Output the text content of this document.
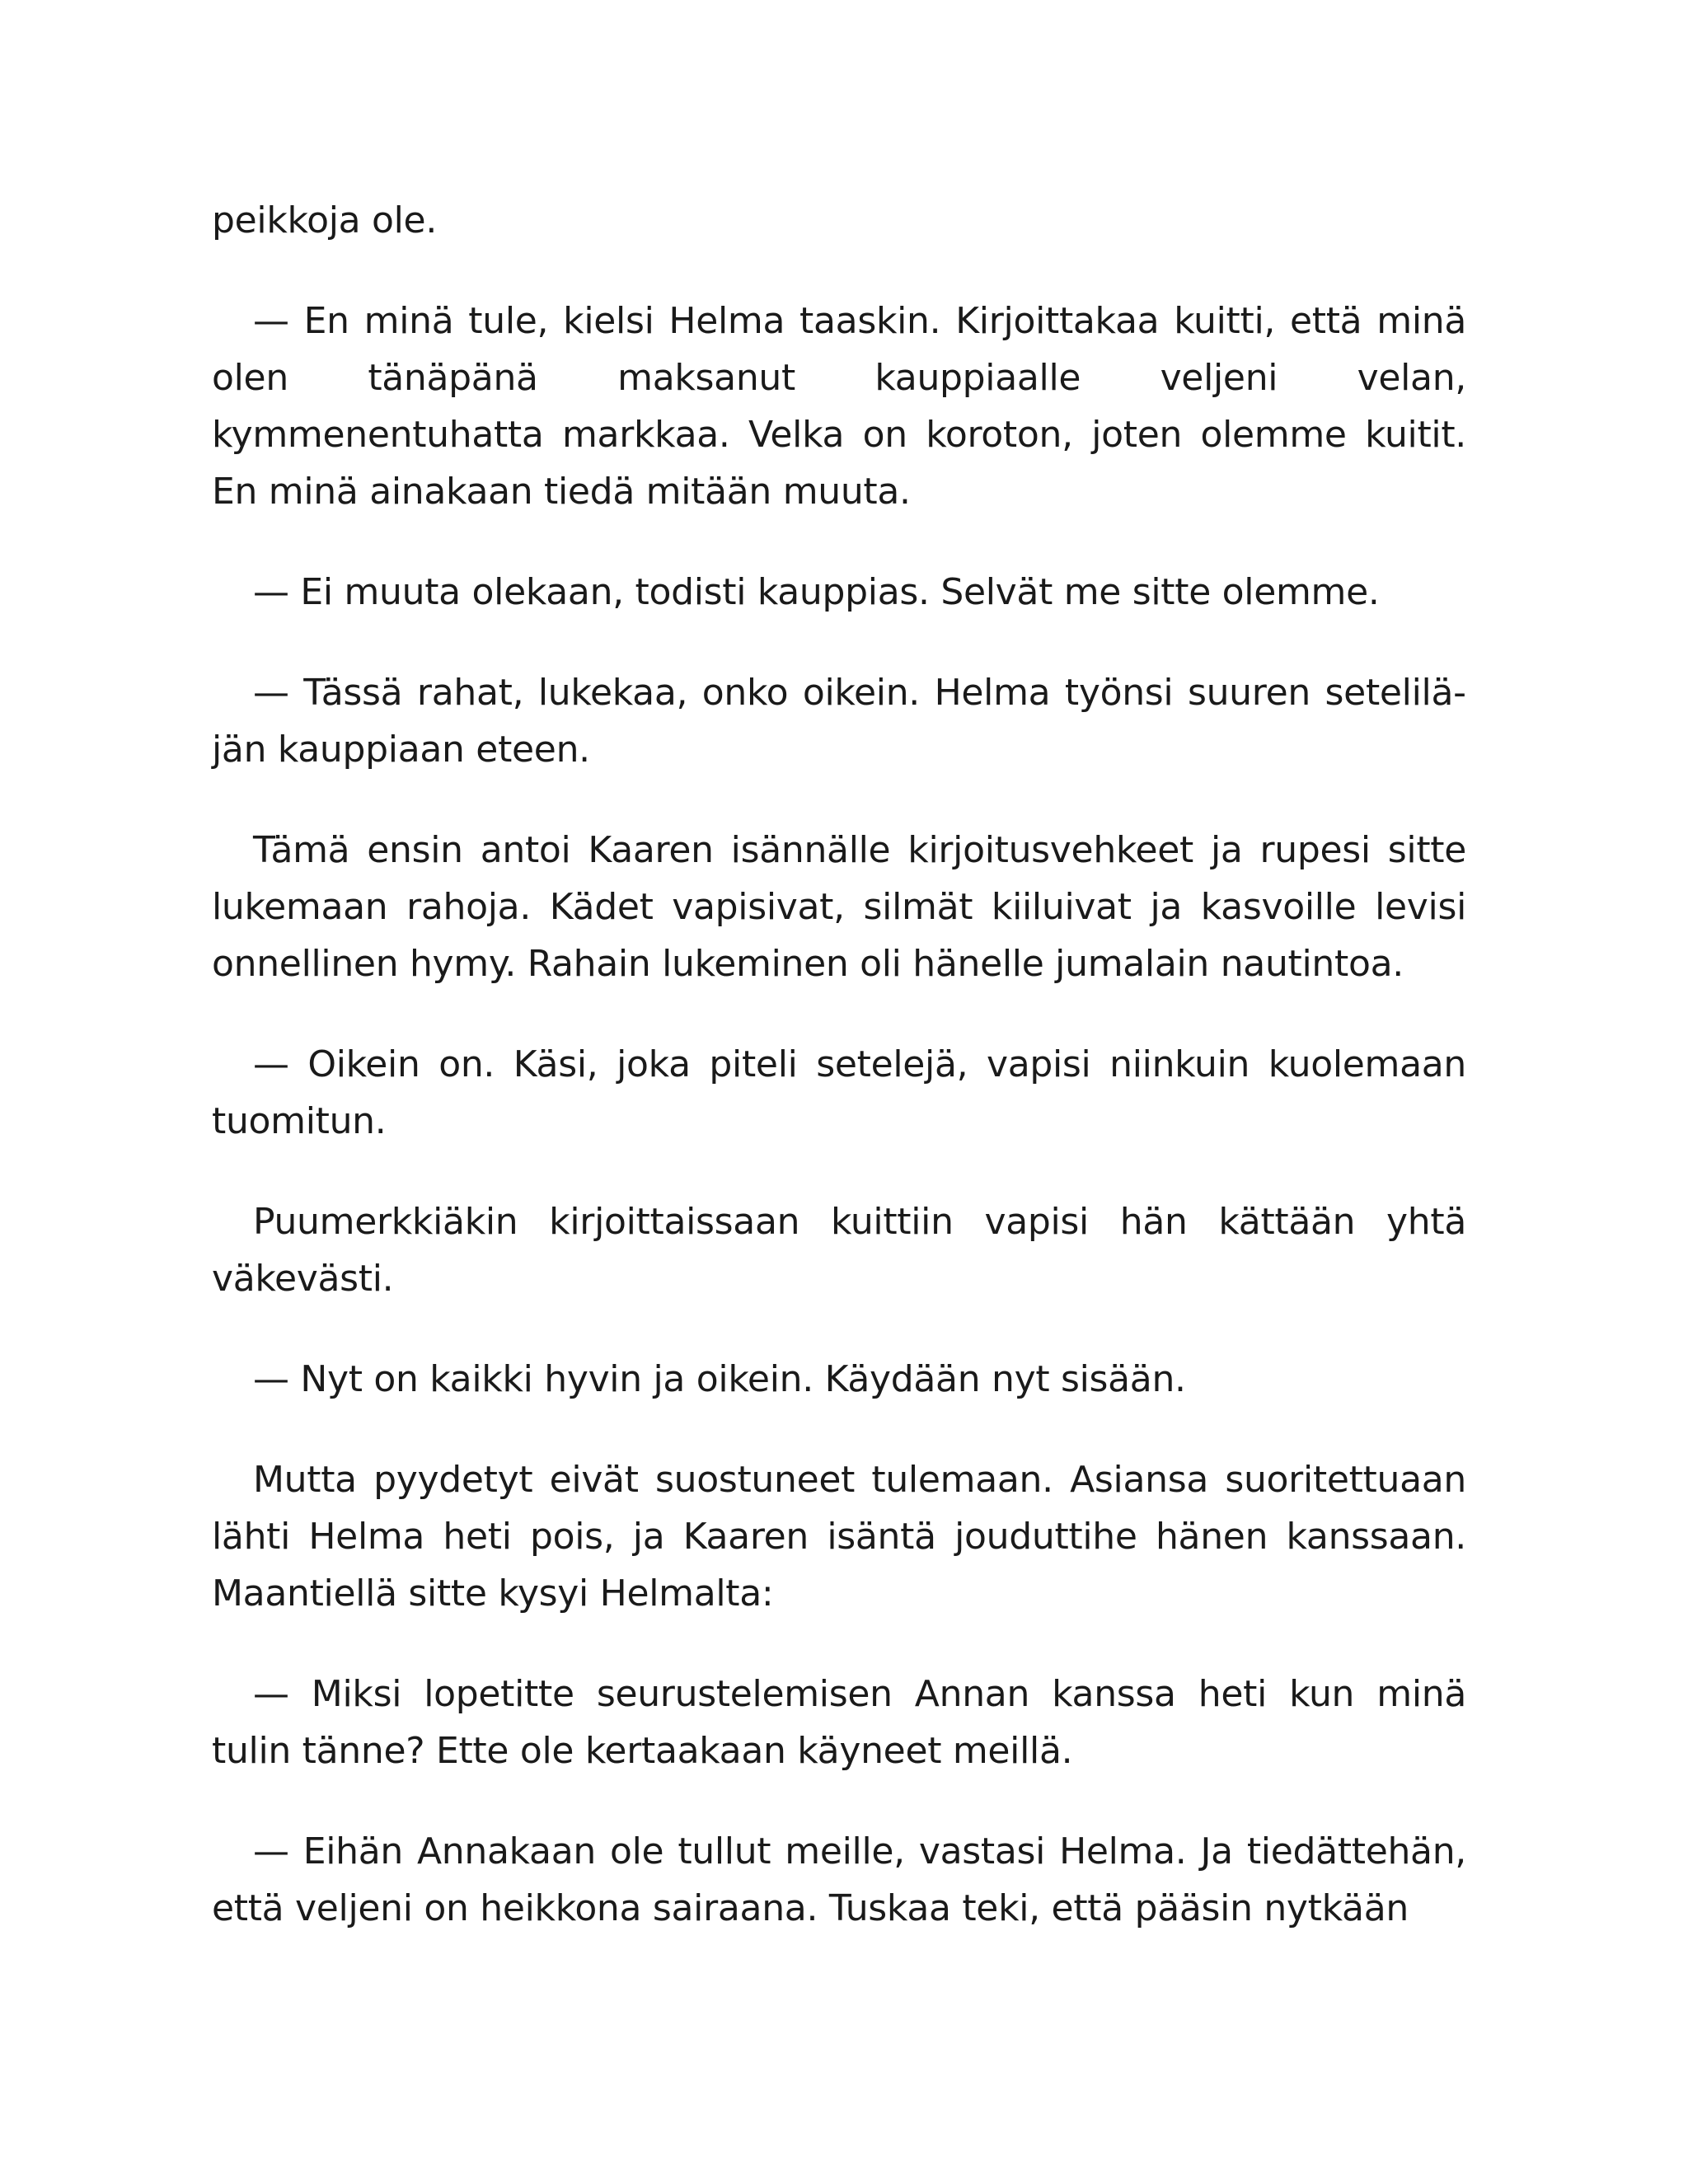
peikkoja ole.

— En minä tule, kielsi Helma taaskin. Kirjoittakaa kuitti, että minä olen tänäpänä maksanut kauppiaalle veljeni velan, kymmenentuhatta markkaa. Velka on koroton, joten olemme kuitit. En minä ainakaan tiedä mitään muuta.

— Ei muuta olekaan, todisti kauppias. Selvät me sitte olemme.

— Tässä rahat, lukekaa, onko oikein. Helma työnsi suuren seteliläjän kauppiaan eteen.

Tämä ensin antoi Kaaren isännälle kirjoitusvehkeet ja rupesi sitte lukemaan rahoja. Kädet vapisivat, silmät kiiluivat ja kasvoille levisi onnellinen hymy. Rahain lukeminen oli hänelle jumalain nautintoa.

— Oikein on. Käsi, joka piteli setelejä, vapisi niinkuin kuolemaan tuomitun.

Puumerkkiäkin kirjoittaissaan kuittiin vapisi hän kättään yhtä väkevästi.

— Nyt on kaikki hyvin ja oikein. Käydään nyt sisään.

Mutta pyydetyt eivät suostuneet tulemaan. Asiansa suoritettuaan lähti Helma heti pois, ja Kaaren isäntä jouduttihe hänen kanssaan. Maantiellä sitte kysyi Helmalta:

— Miksi lopetitte seurustelemisen Annan kanssa heti kun minä tulin tänne? Ette ole kertaakaan käyneet meillä.

— Eihän Annakaan ole tullut meille, vastasi Helma. Ja tiedättehän, että veljeni on heikkona sairaana. Tuskaa teki, että pääsin nytkään
